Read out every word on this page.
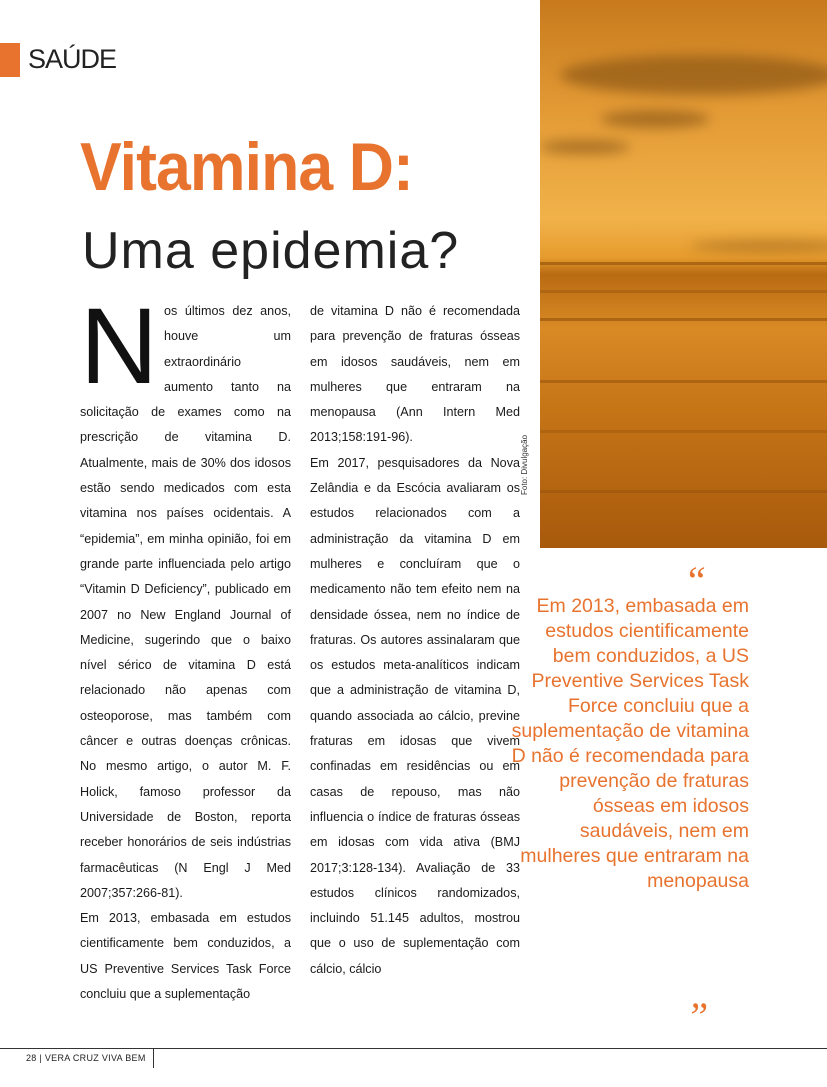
SAÚDE
Vitamina D:
Uma epidemia?
Foto: Divulgação
N os últimos dez anos, houve um extraordinário aumento tanto na solicitação de exames como na prescrição de vitamina D. Atualmente, mais de 30% dos idosos estão sendo medicados com esta vitamina nos países ocidentais. A “epidemia”, em minha opinião, foi em grande parte influenciada pelo artigo “Vitamin D Deficiency”, publicado em 2007 no New England Journal of Medicine, sugerindo que o baixo nível sérico de vitamina D está relacionado não apenas com osteoporose, mas também com câncer e outras doenças crônicas. No mesmo artigo, o autor M. F. Holick, famoso professor da Universidade de Boston, reporta receber honorários de seis indústrias farmacêuticas (N Engl J Med 2007;357:266-81).

Em 2013, embasada em estudos cientificamente bem conduzidos, a US Preventive Services Task Force concluiu que a suplementação

de vitamina D não é recomendada para prevenção de fraturas ósseas em idosos saudáveis, nem em mulheres que entraram na menopausa (Ann Intern Med 2013;158:191-96).

Em 2017, pesquisadores da Nova Zelândia e da Escócia avaliaram os estudos relacionados com a administração da vitamina D em mulheres e concluíram que o medicamento não tem efeito nem na densidade óssea, nem no índice de fraturas. Os autores assinalaram que os estudos meta-analíticos indicam que a administração de vitamina D, quando associada ao cálcio, previne fraturas em idosas que vivem confinadas em residências ou em casas de repouso, mas não influencia o índice de fraturas ósseas em idosas com vida ativa (BMJ 2017;3:128-134). Avaliação de 33 estudos clínicos randomizados, incluindo 51.145 adultos, mostrou que o uso de suplementação com cálcio, cálcio

“
Em 2013, embasada em estudos cientificamente bem conduzidos, a US Preventive Services Task Force concluiu que a suplementação de vitamina D não é recomendada para prevenção de fraturas ósseas em idosos saudáveis, nem em mulheres que entraram na menopausa
”
28 | VERA CRUZ VIVA BEM
